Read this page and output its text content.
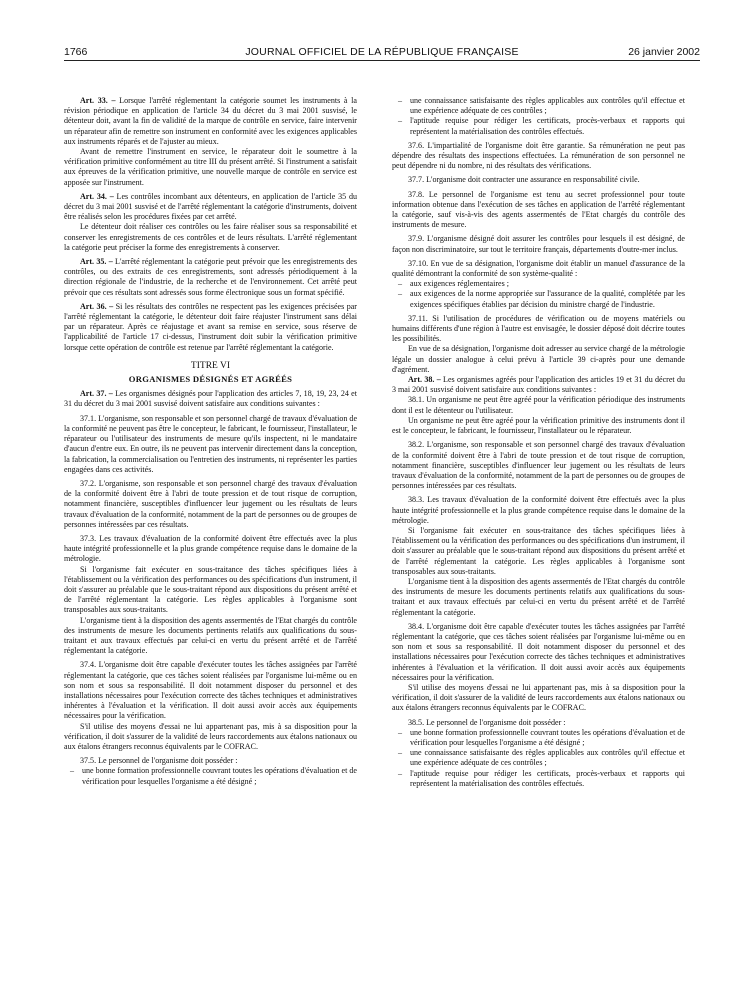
1766	JOURNAL OFFICIEL DE LA RÉPUBLIQUE FRANÇAISE	26 janvier 2002

Art. 33. – Lorsque l'arrêté réglementant la catégorie soumet les instruments à la révision périodique en application de l'article 34 du décret du 3 mai 2001 susvisé, le détenteur doit, avant la fin de validité de la marque de contrôle en service, faire intervenir un réparateur afin de remettre son instrument en conformité avec les exigences applicables aux instruments réparés et de l'ajuster au mieux.

Avant de remettre l'instrument en service, le réparateur doit le soumettre à la vérification primitive conformément au titre III du présent arrêté. Si l'instrument a satisfait aux épreuves de la vérification primitive, une nouvelle marque de contrôle en service est apposée sur l'instrument.

Art. 34. – Les contrôles incombant aux détenteurs, en application de l'article 35 du décret du 3 mai 2001 susvisé et de l'arrêté réglementant la catégorie d'instruments, doivent être réalisés selon les procédures fixées par cet arrêté.

Le détenteur doit réaliser ces contrôles ou les faire réaliser sous sa responsabilité et conserver les enregistrements de ces contrôles et de leurs résultats. L'arrêté réglementant la catégorie peut préciser la forme des enregistrements à conserver.

Art. 35. – L'arrêté réglementant la catégorie peut prévoir que les enregistrements des contrôles, ou des extraits de ces enregistrements, sont adressés périodiquement à la direction régionale de l'industrie, de la recherche et de l'environnement. Cet arrêté peut prévoir que ces résultats sont adressés sous forme électronique sous un format spécifié.

Art. 36. – Si les résultats des contrôles ne respectent pas les exigences précisées par l'arrêté réglementant la catégorie, le détenteur doit faire réajuster l'instrument sans délai par un réparateur. Après ce réajustage et avant sa remise en service, sous réserve de l'applicabilité de l'article 17 ci-dessus, l'instrument doit subir la vérification primitive lorsque cette opération de contrôle est retenue par l'arrêté réglementant la catégorie.

TITRE VI

ORGANISMES DÉSIGNÉS ET AGRÉÉS

Art. 37. – Les organismes désignés pour l'application des articles 7, 18, 19, 23, 24 et 31 du décret du 3 mai 2001 susvisé doivent satisfaire aux conditions suivantes :

37.1. L'organisme, son responsable et son personnel chargé de travaux d'évaluation de la conformité ne peuvent pas être le concepteur, le fabricant, le fournisseur, l'installateur, le réparateur ou l'utilisateur des instruments de mesure qu'ils inspectent, ni le mandataire d'aucun d'entre eux. En outre, ils ne peuvent pas intervenir directement dans la conception, la fabrication, la commercialisation ou l'entretien des instruments, ni représenter les parties engagées dans ces activités.

37.2. L'organisme, son responsable et son personnel chargé des travaux d'évaluation de la conformité doivent être à l'abri de toute pression et de tout risque de corruption, notamment financière, susceptibles d'influencer leur jugement ou les résultats de leurs travaux d'évaluation de la conformité, notamment de la part de personnes ou de groupes de personnes intéressées par ces résultats.

37.3. Les travaux d'évaluation de la conformité doivent être effectués avec la plus haute intégrité professionnelle et la plus grande compétence requise dans le domaine de la métrologie.

Si l'organisme fait exécuter en sous-traitance des tâches spécifiques liées à l'établissement ou la vérification des performances ou des spécifications d'un instrument, il doit s'assurer au préalable que le sous-traitant répond aux dispositions du présent arrêté et de l'arrêté réglementant la catégorie. Les règles applicables à l'organisme sont transposables aux sous-traitants.

L'organisme tient à la disposition des agents assermentés de l'Etat chargés du contrôle des instruments de mesure les documents pertinents relatifs aux qualifications du sous-traitant et aux travaux effectués par celui-ci en vertu du présent arrêté et de l'arrêté réglementant la catégorie.

37.4. L'organisme doit être capable d'exécuter toutes les tâches assignées par l'arrêté réglementant la catégorie, que ces tâches soient réalisées par l'organisme lui-même ou en son nom et sous sa responsabilité. Il doit notamment disposer du personnel et des installations nécessaires pour l'exécution correcte des tâches techniques et administratives inhérentes à l'évaluation et la vérification. Il doit aussi avoir accès aux équipements nécessaires pour la vérification.

S'il utilise des moyens d'essai ne lui appartenant pas, mis à sa disposition pour la vérification, il doit s'assurer de la validité de leurs raccordements aux étalons nationaux ou aux étalons étrangers reconnus équivalents par le COFRAC.

37.5. Le personnel de l'organisme doit posséder :

– une bonne formation professionnelle couvrant toutes les opérations d'évaluation et de vérification pour lesquelles l'organisme a été désigné ;

– une connaissance satisfaisante des règles applicables aux contrôles qu'il effectue et une expérience adéquate de ces contrôles ;

– l'aptitude requise pour rédiger les certificats, procès-verbaux et rapports qui représentent la matérialisation des contrôles effectués.

37.6. L'impartialité de l'organisme doit être garantie. Sa rémunération ne peut pas dépendre des résultats des inspections effectuées. La rémunération de son personnel ne peut dépendre ni du nombre, ni des résultats des vérifications.

37.7. L'organisme doit contracter une assurance en responsabilité civile.

37.8. Le personnel de l'organisme est tenu au secret professionnel pour toute information obtenue dans l'exécution de ses tâches en application de l'arrêté réglementant la catégorie, sauf vis-à-vis des agents assermentés de l'Etat chargés du contrôle des instruments de mesure.

37.9. L'organisme désigné doit assurer les contrôles pour lesquels il est désigné, de façon non discriminatoire, sur tout le territoire français, départements d'outre-mer inclus.

37.10. En vue de sa désignation, l'organisme doit établir un manuel d'assurance de la qualité démontrant la conformité de son système-qualité :

– aux exigences réglementaires ;

– aux exigences de la norme appropriée sur l'assurance de la qualité, complétée par les exigences spécifiques établies par décision du ministre chargé de l'industrie.

37.11. Si l'utilisation de procédures de vérification ou de moyens matériels ou humains différents d'une région à l'autre est envisagée, le dossier déposé doit décrire toutes les possibilités.

En vue de sa désignation, l'organisme doit adresser au service chargé de la métrologie légale un dossier analogue à celui prévu à l'article 39 ci-après pour une demande d'agrément.

Art. 38. – Les organismes agréés pour l'application des articles 19 et 31 du décret du 3 mai 2001 susvisé doivent satisfaire aux conditions suivantes :

38.1. Un organisme ne peut être agréé pour la vérification périodique des instruments dont il est le détenteur ou l'utilisateur.

Un organisme ne peut être agréé pour la vérification primitive des instruments dont il est le concepteur, le fabricant, le fournisseur, l'installateur ou le réparateur.

38.2. L'organisme, son responsable et son personnel chargé des travaux d'évaluation de la conformité doivent être à l'abri de toute pression et de tout risque de corruption, notamment financière, susceptibles d'influencer leur jugement ou les résultats de leurs travaux d'évaluation de la conformité, notamment de la part de personnes ou de groupes de personnes intéressées par ces résultats.

38.3. Les travaux d'évaluation de la conformité doivent être effectués avec la plus haute intégrité professionnelle et la plus grande compétence requise dans le domaine de la métrologie.

Si l'organisme fait exécuter en sous-traitance des tâches spécifiques liées à l'établissement ou la vérification des performances ou des spécifications d'un instrument, il doit s'assurer au préalable que le sous-traitant répond aux dispositions du présent arrêté et de l'arrêté réglementant la catégorie. Les règles applicables à l'organisme sont transposables aux sous-traitants.

L'organisme tient à la disposition des agents assermentés de l'Etat chargés du contrôle des instruments de mesure les documents pertinents relatifs aux qualifications du sous-traitant et aux travaux effectués par celui-ci en vertu du présent arrêté et de l'arrêté réglementant la catégorie.

38.4. L'organisme doit être capable d'exécuter toutes les tâches assignées par l'arrêté réglementant la catégorie, que ces tâches soient réalisées par l'organisme lui-même ou en son nom et sous sa responsabilité. Il doit notamment disposer du personnel et des installations nécessaires pour l'exécution correcte des tâches techniques et administratives inhérentes à l'évaluation et la vérification. Il doit aussi avoir accès aux équipements nécessaires pour la vérification.

S'il utilise des moyens d'essai ne lui appartenant pas, mis à sa disposition pour la vérification, il doit s'assurer de la validité de leurs raccordements aux étalons nationaux ou aux étalons étrangers reconnus équivalents par le COFRAC.

38.5. Le personnel de l'organisme doit posséder :

– une bonne formation professionnelle couvrant toutes les opérations d'évaluation et de vérification pour lesquelles l'organisme a été désigné ;

– une connaissance satisfaisante des règles applicables aux contrôles qu'il effectue et une expérience adéquate de ces contrôles ;

– l'aptitude requise pour rédiger les certificats, procès-verbaux et rapports qui représentent la matérialisation des contrôles effectués.
